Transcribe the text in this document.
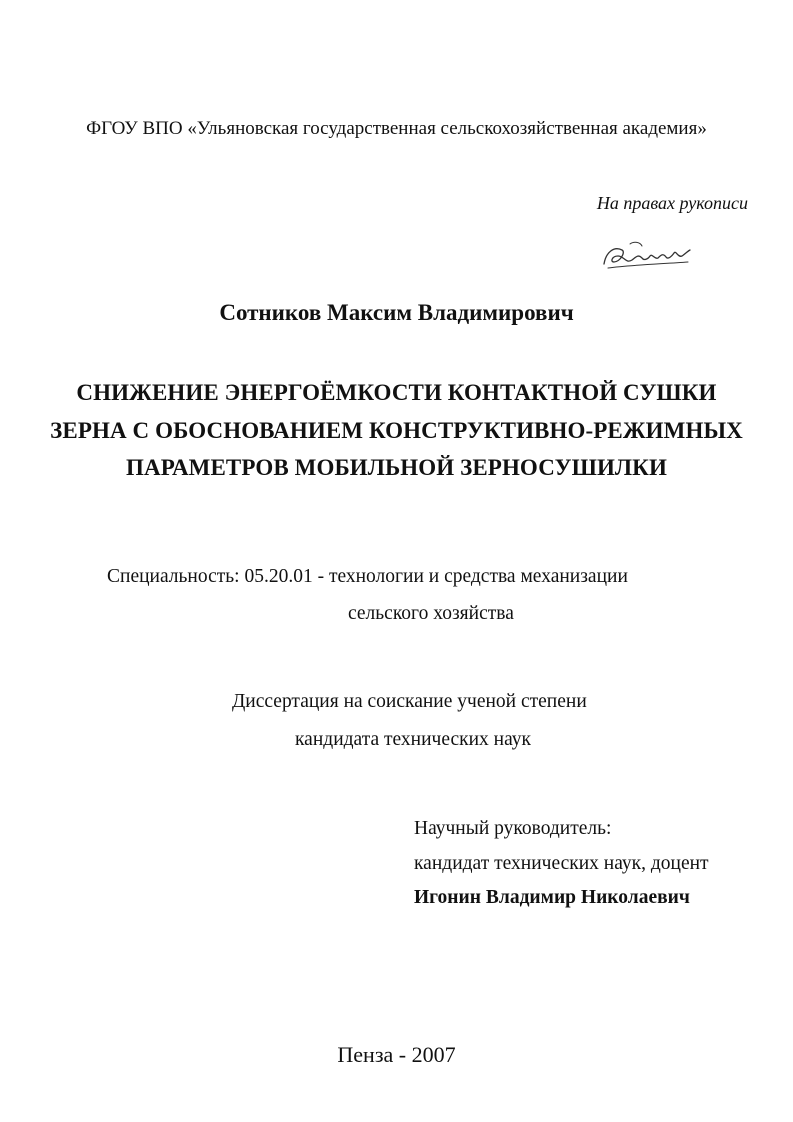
ФГОУ ВПО «Ульяновская государственная сельскохозяйственная академия»
На правах рукописи
Сотников Максим Владимирович
СНИЖЕНИЕ ЭНЕРГОЁМКОСТИ КОНТАКТНОЙ СУШКИ
ЗЕРНА С ОБОСНОВАНИЕМ КОНСТРУКТИВНО-РЕЖИМНЫХ
ПАРАМЕТРОВ МОБИЛЬНОЙ ЗЕРНОСУШИЛКИ
Специальность: 05.20.01 - технологии и средства механизации
сельского хозяйства
Диссертация на соискание ученой степени
кандидата технических наук
Научный руководитель:
кандидат технических наук, доцент
Игонин Владимир Николаевич
Пенза - 2007
